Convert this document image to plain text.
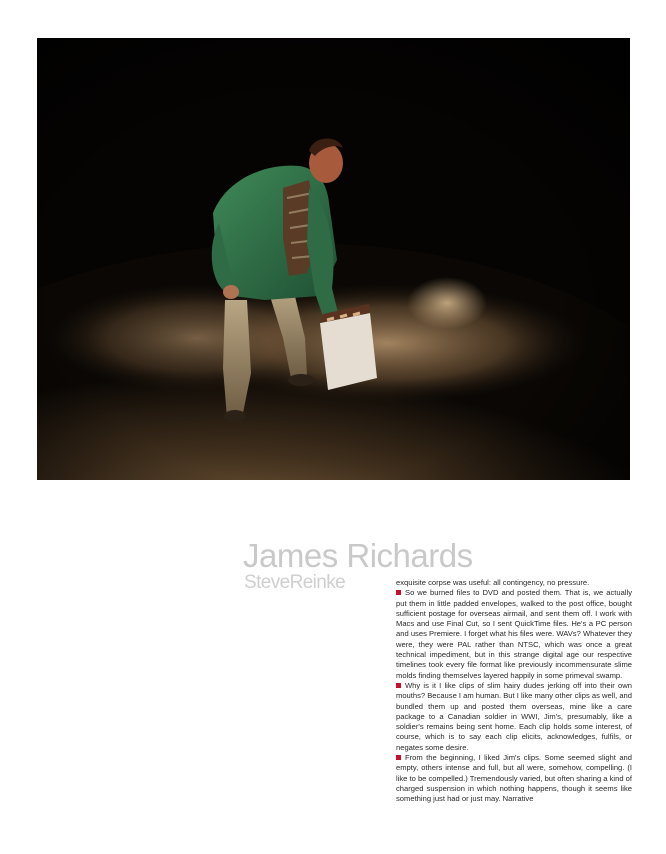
James Richards
SteveReinke	exquisite corpse was useful: all contingency, no pressure.

So we burned files to DVD and posted them. That is, we actually put them in little padded envelopes, walked to the post office, bought sufficient postage for overseas airmail, and sent them off. I work with Macs and use Final Cut, so I sent QuickTime files. He's a PC person and uses Premiere. I forget what his files were. WAVs? Whatever they were, they were PAL rather than NTSC, which was once a great technical impediment, but in this strange digital age our respective timelines took every file format like previously incommensurate slime molds finding themselves layered happily in some primeval swamp.

Why is it I like clips of slim hairy dudes jerking off into their own mouths? Because I am human. But I like many other clips as well, and bundled them up and posted them overseas, mine like a care package to a Canadian soldier in WWI, Jim's, presumably, like a soldier's remains being sent home. Each clip holds some interest, of course, which is to say each clip elicits, acknowledges, fulfils, or negates some desire.

From the beginning, I liked Jim's clips. Some seemed slight and empty, others intense and full, but all were, somehow, compelling. (I like to be compelled.) Tremendously varied, but often sharing a kind of charged suspension in which nothing happens, though it seems like something just had or just may. Narrative
